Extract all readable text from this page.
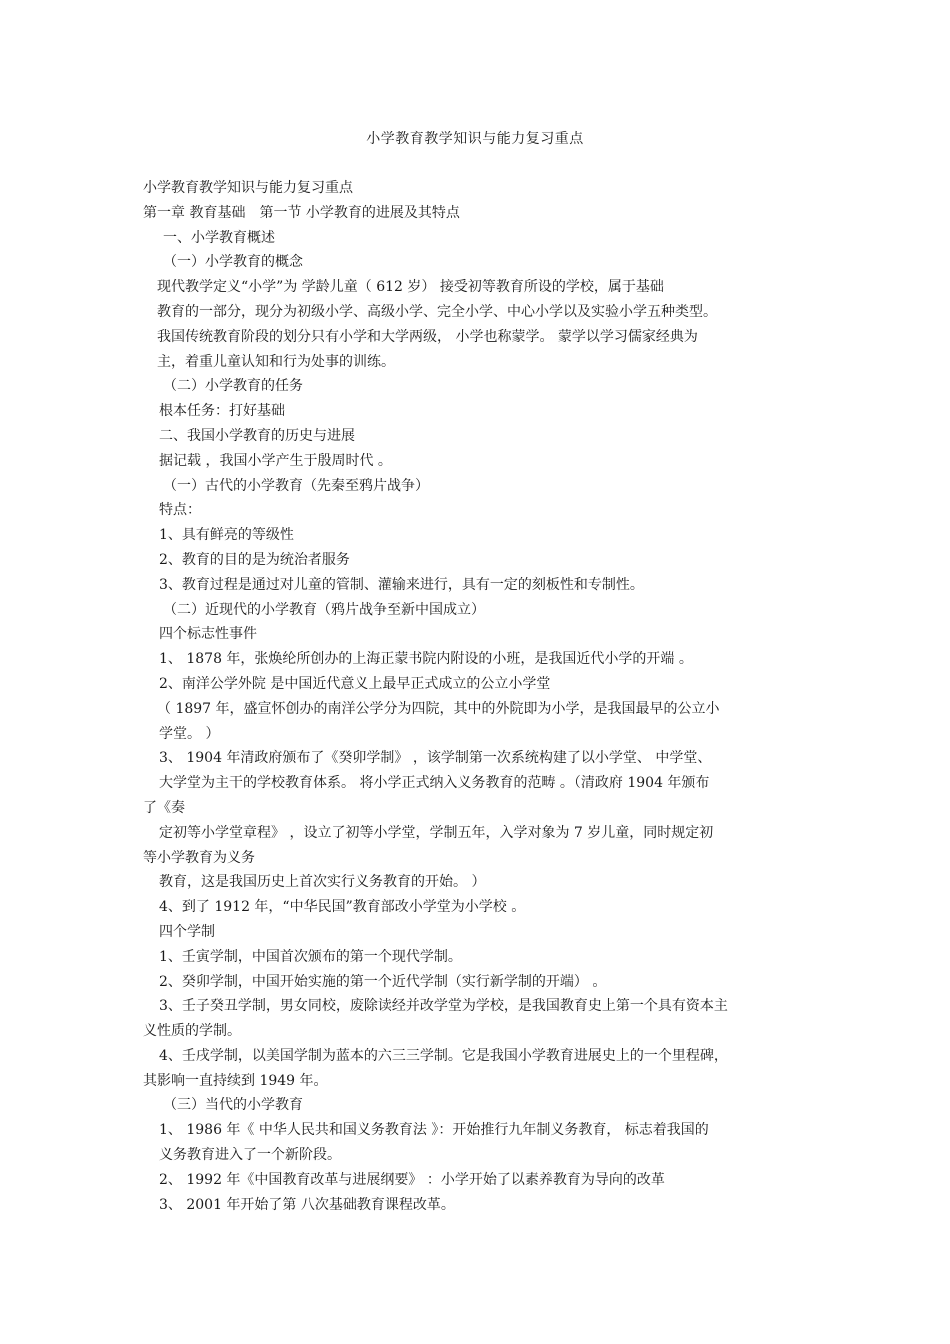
小学教育教学知识与能力复习重点
小学教育教学知识与能力复习重点
第一章 教育基础　第一节 小学教育的进展及其特点
一、小学教育概述
（一）小学教育的概念
现代教学定义“小学”为 学龄儿童（ 612 岁） 接受初等教育所设的学校，属于基础
教育的一部分，现分为初级小学、高级小学、完全小学、中心小学以及实验小学五种类型。
我国传统教育阶段的划分只有小学和大学两级， 小学也称蒙学。 蒙学以学习儒家经典为
主，着重儿童认知和行为处事的训练。
（二）小学教育的任务
根本任务：打好基础
二、我国小学教育的历史与进展
据记载 ，我国小学产生于殷周时代 。
（一）古代的小学教育（先秦至鸦片战争）
特点：
1、具有鲜亮的等级性
2、教育的目的是为统治者服务
3、教育过程是通过对儿童的管制、灌输来进行，具有一定的刻板性和专制性。
（二）近现代的小学教育（鸦片战争至新中国成立）
四个标志性事件
1、 1878 年，张焕纶所创办的上海正蒙书院内附设的小班，是我国近代小学的开端 。
2、南洋公学外院 是中国近代意义上最早正式成立的公立小学堂
（ 1897 年，盛宣怀创办的南洋公学分为四院，其中的外院即为小学，是我国最早的公立小
学堂。 ）
3、 1904 年清政府颁布了《癸卯学制》 ，该学制第一次系统构建了以小学堂、 中学堂、
大学堂为主干的学校教育体系。 将小学正式纳入义务教育的范畴 。（清政府 1904 年颁布
了《奏
定初等小学堂章程》 ，设立了初等小学堂，学制五年，入学对象为 7 岁儿童，同时规定初
等小学教育为义务
教育，这是我国历史上首次实行义务教育的开始。 ）
4、到了 1912 年，“中华民国”教育部改小学堂为小学校 。
四个学制
1、壬寅学制，中国首次颁布的第一个现代学制。
2、癸卯学制，中国开始实施的第一个近代学制（实行新学制的开端） 。
3、壬子癸丑学制，男女同校，废除读经并改学堂为学校，是我国教育史上第一个具有资本主
义性质的学制。
4、壬戌学制，以美国学制为蓝本的六三三学制。它是我国小学教育进展史上的一个里程碑，
其影响一直持续到 1949 年。
（三）当代的小学教育
1、 1986 年《 中华人民共和国义务教育法 》：开始推行九年制义务教育， 标志着我国的
义务教育进入了一个新阶段。
2、 1992 年《中国教育改革与进展纲要》 ：小学开始了以素养教育为导向的改革
3、 2001 年开始了第 八次基础教育课程改革。
